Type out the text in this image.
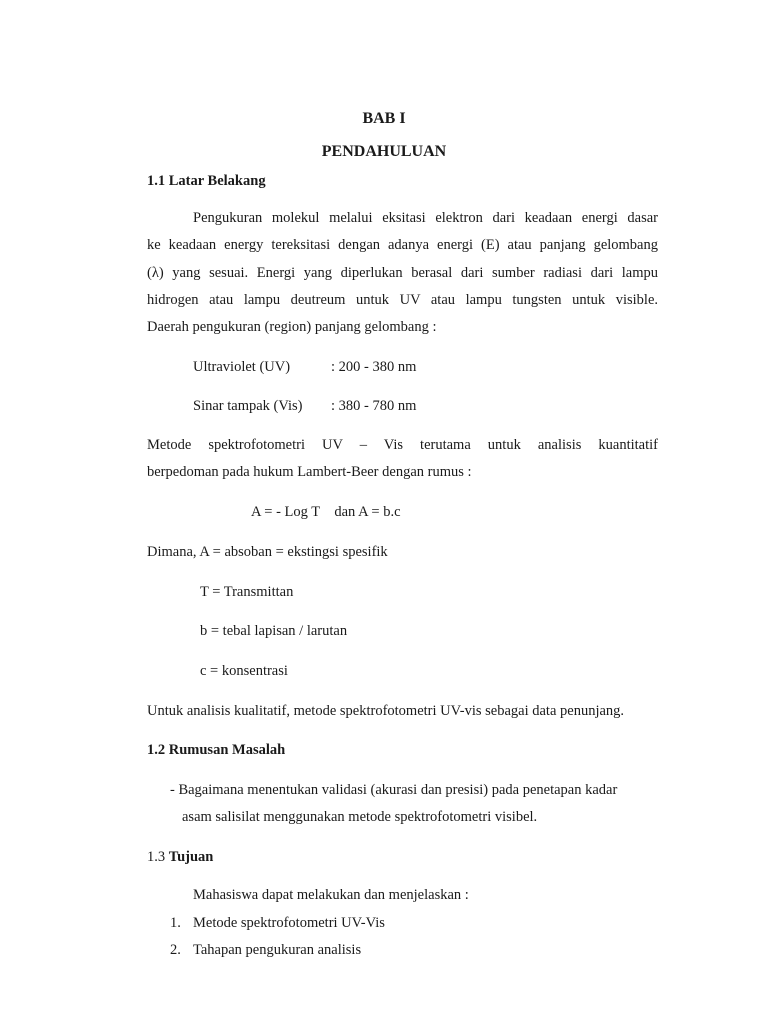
BAB I
PENDAHULUAN
1.1 Latar Belakang
Pengukuran molekul melalui eksitasi elektron dari keadaan energi dasar
ke keadaan energy tereksitasi dengan adanya energi (E) atau panjang gelombang
(λ) yang sesuai. Energi yang diperlukan berasal dari sumber radiasi dari lampu
hidrogen atau lampu deutreum untuk UV atau lampu tungsten untuk visible.
Daerah pengukuran (region) panjang gelombang :
Ultraviolet (UV)	: 200 - 380 nm
Sinar tampak (Vis) : 380 - 780 nm
Metode spektrofotometri UV – Vis terutama untuk analisis kuantitatif
berpedoman pada hukum Lambert-Beer dengan rumus :
A = - Log T    dan A = b.c
Dimana, A = absoban = ekstingsi spesifik
T = Transmittan
b = tebal lapisan / larutan
c = konsentrasi
Untuk analisis kualitatif, metode spektrofotometri UV-vis sebagai data penunjang.
1.2 Rumusan Masalah
- Bagaimana menentukan validasi (akurasi dan presisi) pada penetapan kadar
asam salisilat menggunakan metode spektrofotometri visibel.
1.3 Tujuan
Mahasiswa dapat melakukan dan menjelaskan :
1. Metode spektrofotometri UV-Vis
2. Tahapan pengukuran analisis
